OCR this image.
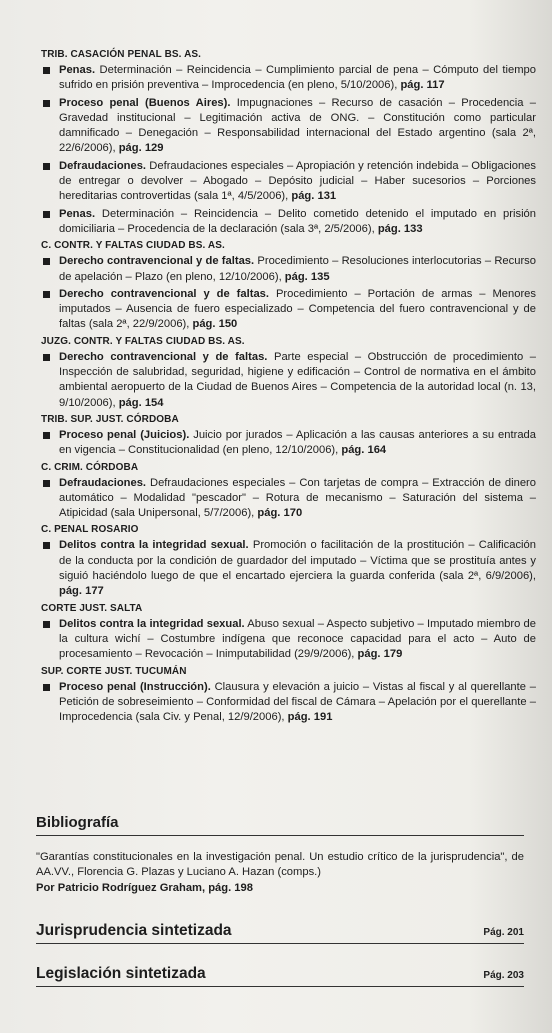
TRIB. CASACIÓN PENAL BS. AS.
Penas. Determinación – Reincidencia – Cumplimiento parcial de pena – Cómputo del tiempo sufrido en prisión preventiva – Improcedencia (en pleno, 5/10/2006), pág. 117
Proceso penal (Buenos Aires). Impugnaciones – Recurso de casación – Procedencia – Gravedad institucional – Legitimación activa de ONG. – Constitución como particular damnificado – Denegación – Responsabilidad internacional del Estado argentino (sala 2ª, 22/6/2006), pág. 129
Defraudaciones. Defraudaciones especiales – Apropiación y retención indebida – Obligaciones de entregar o devolver – Abogado – Depósito judicial – Haber sucesorios – Porciones hereditarias controvertidas (sala 1ª, 4/5/2006), pág. 131
Penas. Determinación – Reincidencia – Delito cometido detenido el imputado en prisión domiciliaria – Procedencia de la declaración (sala 3ª, 2/5/2006), pág. 133
C. CONTR. Y FALTAS CIUDAD BS. AS.
Derecho contravencional y de faltas. Procedimiento – Resoluciones interlocutorias – Recurso de apelación – Plazo (en pleno, 12/10/2006), pág. 135
Derecho contravencional y de faltas. Procedimiento – Portación de armas – Menores imputados – Ausencia de fuero especializado – Competencia del fuero contravencional y de faltas (sala 2ª, 22/9/2006), pág. 150
JUZG. CONTR. Y FALTAS CIUDAD BS. AS.
Derecho contravencional y de faltas. Parte especial – Obstrucción de procedimiento – Inspección de salubridad, seguridad, higiene y edificación – Control de normativa en el ámbito ambiental aeropuerto de la Ciudad de Buenos Aires – Competencia de la autoridad local (n. 13, 9/10/2006), pág. 154
TRIB. SUP. JUST. CÓRDOBA
Proceso penal (Juicios). Juicio por jurados – Aplicación a las causas anteriores a su entrada en vigencia – Constitucionalidad (en pleno, 12/10/2006), pág. 164
C. CRIM. CÓRDOBA
Defraudaciones. Defraudaciones especiales – Con tarjetas de compra – Extracción de dinero automático – Modalidad "pescador" – Rotura de mecanismo – Saturación del sistema – Atipicidad (sala Unipersonal, 5/7/2006), pág. 170
C. PENAL ROSARIO
Delitos contra la integridad sexual. Promoción o facilitación de la prostitución – Calificación de la conducta por la condición de guardador del imputado – Víctima que se prostituía antes y siguió haciéndolo luego de que el encartado ejerciera la guarda conferida (sala 2ª, 6/9/2006), pág. 177
CORTE JUST. SALTA
Delitos contra la integridad sexual. Abuso sexual – Aspecto subjetivo – Imputado miembro de la cultura wichí – Costumbre indígena que reconoce capacidad para el acto – Auto de procesamiento – Revocación – Inimputabilidad (29/9/2006), pág. 179
SUP. CORTE JUST. TUCUMÁN
Proceso penal (Instrucción). Clausura y elevación a juicio – Vistas al fiscal y al querellante – Petición de sobreseimiento – Conformidad del fiscal de Cámara – Apelación por el querellante – Improcedencia (sala Civ. y Penal, 12/9/2006), pág. 191
Bibliografía
"Garantías constitucionales en la investigación penal. Un estudio crítico de la jurisprudencia", de AA.VV., Florencia G. Plazas y Luciano A. Hazan (comps.)
Por Patricio Rodríguez Graham, pág. 198
Jurisprudencia sintetizada	Pág. 201
Legislación sintetizada	Pág. 203
